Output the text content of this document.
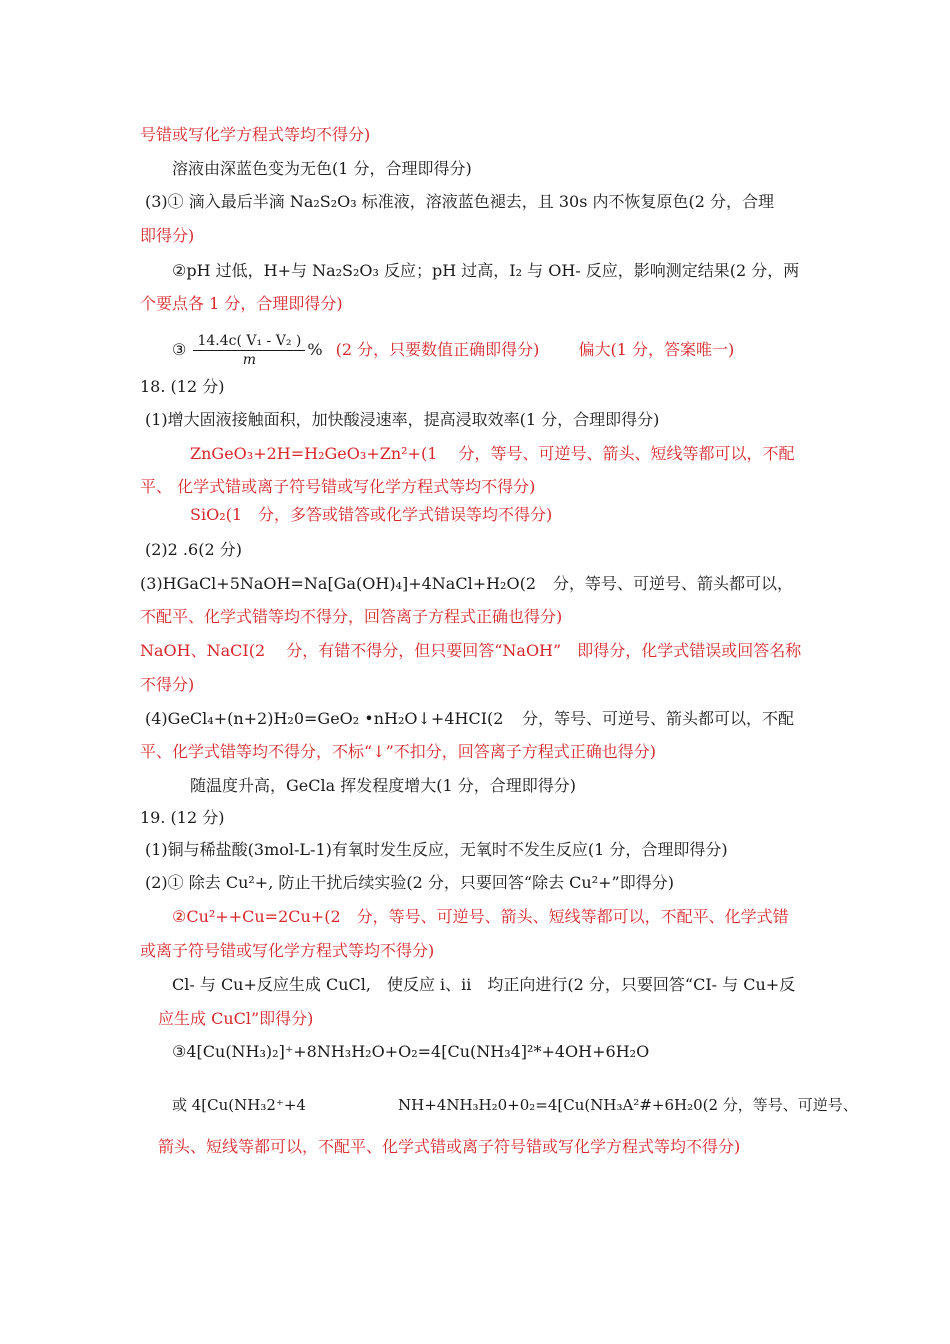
号错或写化学方程式等均不得分)
溶液由深蓝色变为无色(1 分，合理即得分)
(3)① 滴入最后半滴 Na₂S₂O₃ 标准液，溶液蓝色褪去，且 30s 内不恢复原色(2 分，合理
即得分)
②pH 过低，H+与 Na₂S₂O₃ 反应；pH 过高，I₂ 与 OH- 反应，影响测定结果(2 分，两
个要点各 1 分，合理即得分)
③ $\frac{\text{14.4c( V₁ - V₂ )}}{m}$ % (2 分，只要数值正确即得分) 偏大(1 分，答案唯一)
18. (12 分)
(1)增大固液接触面积，加快酸浸速率，提高浸取效率(1 分，合理即得分)
ZnGeO₃+2H=H₂GeO₃+Zn²+(1　 分，等号、可逆号、箭头、短线等都可以，不配
平、 化学式错或离子符号错或写化学方程式等均不得分)
SiO₂(1　分，多答或错答或化学式错误等均不得分)
(2)2 .6(2 分)
(3)HGaCl+5NaOH=Na[Ga(OH)₄]+4NaCl+H₂O(2 分，等号、可逆号、箭头都可以，
不配平、化学式错等均不得分，回答离子方程式正确也得分)
NaOH、NaCI(2　 分，有错不得分，但只要回答“NaOH”　即得分，化学式错误或回答名称
不得分)
(4)GeCl₄+(n+2)H₂0=GeO₂ •nH₂O↓+4HCI(2 分，等号、可逆号、箭头都可以，不配
平、化学式错等均不得分，不标“↓”不扣分，回答离子方程式正确也得分)
随温度升高，GeCla 挥发程度增大(1 分，合理即得分)
19. (12 分)
(1)铜与稀盐酸(3mol-L-1)有氧时发生反应，无氧时不发生反应(1 分，合理即得分)
(2)① 除去 Cu²+, 防止干扰后续实验(2 分，只要回答“除去 Cu²+”即得分)
②Cu²++Cu=2Cu+(2　分，等号、可逆号、箭头、短线等都可以，不配平、化学式错
或离子符号错或写化学方程式等均不得分)
Cl- 与 Cu+反应生成 CuCl,　使反应 ⅰ、ⅱ　均正向进行(2 分，只要回答“CI- 与 Cu+反
应生成 CuCl”即得分)
③4[Cu(NH₃)₂]⁺+8NH₃H₂O+O₂=4[Cu(NH₃4]²*+4OH+6H₂O
或 4[Cu(NH₃2⁺+4	NH+4NH₃H₂0+0₂=4[Cu(NH₃A²#+6H₂0(2 分，等号、可逆号、
箭头、短线等都可以，不配平、化学式错或离子符号错或写化学方程式等均不得分)
